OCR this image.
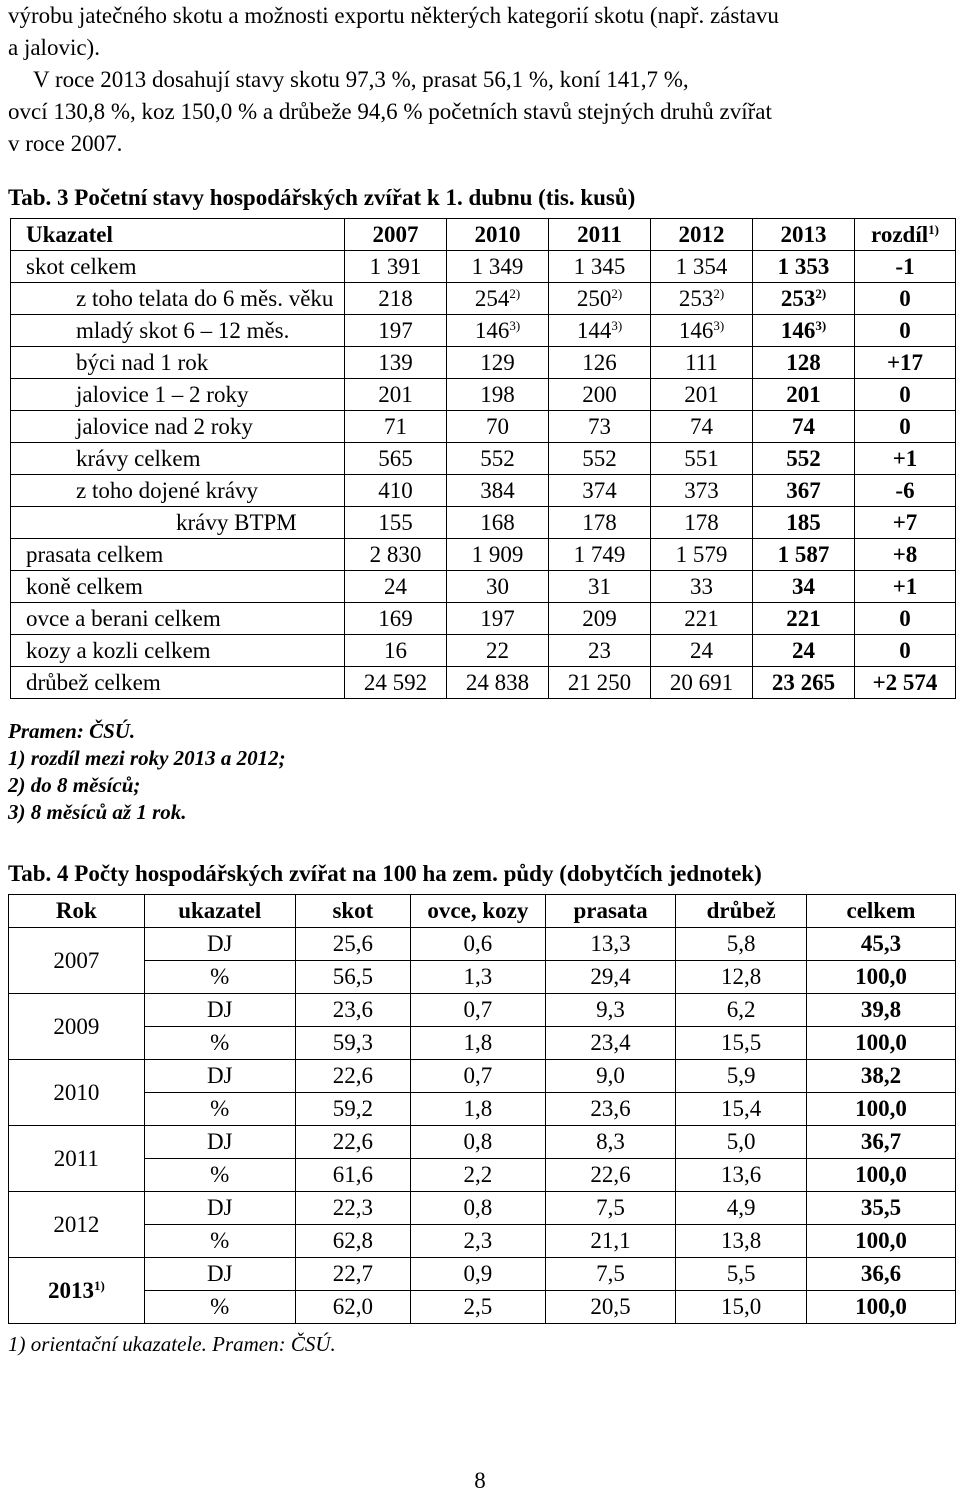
výrobu jatečného skotu a možnosti exportu některých kategorií skotu (např. zástavu
a jalovic).
V roce 2013 dosahují stavy skotu 97,3 %, prasat 56,1 %, koní 141,7 %,
ovcí 130,8 %, koz 150,0 % a drůbeže 94,6 % početních stavů stejných druhů zvířat
v roce 2007.
Tab. 3 Početní stavy hospodářských zvířat k 1. dubnu (tis. kusů)
Ukazatel	2007	2010	2011	2012	2013	rozdíl$^{1)}$
skot celkem	1 391	1 349	1 345	1 354	1 353	-1
z toho telata do 6 měs. věku	218	254$^{2)}$	250$^{2)}$	253$^{2)}$	253$^{2)}$	0
mladý skot 6 – 12 měs.	197	146$^{3)}$	144$^{3)}$	146$^{3)}$	146$^{3)}$	0
býci nad 1 rok	139	129	126	111	128	+17
jalovice 1 – 2 roky	201	198	200	201	201	0
jalovice nad 2 roky	71	70	73	74	74	0
krávy celkem	565	552	552	551	552	+1
z toho dojené krávy	410	384	374	373	367	-6
krávy BTPM	155	168	178	178	185	+7
prasata celkem	2 830	1 909	1 749	1 579	1 587	+8
koně celkem	24	30	31	33	34	+1
ovce a berani celkem	169	197	209	221	221	0
kozy a kozli celkem	16	22	23	24	24	0
drůbež celkem	24 592	24 838	21 250	20 691	23 265	+2 574
Pramen: ČSÚ.
1) rozdíl mezi roky 2013 a 2012;
2) do 8 měsíců;
3) 8 měsíců až 1 rok.
Tab. 4 Počty hospodářských zvířat na 100 ha zem. půdy (dobytčích jednotek)
Rok	ukazatel	skot	ovce, kozy	prasata	drůbež	celkem
2007	DJ	25,6	0,6	13,3	5,8	45,3
	%	56,5	1,3	29,4	12,8	100,0
2009	DJ	23,6	0,7	9,3	6,2	39,8
	%	59,3	1,8	23,4	15,5	100,0
2010	DJ	22,6	0,7	9,0	5,9	38,2
	%	59,2	1,8	23,6	15,4	100,0
2011	DJ	22,6	0,8	8,3	5,0	36,7
	%	61,6	2,2	22,6	13,6	100,0
2012	DJ	22,3	0,8	7,5	4,9	35,5
	%	62,8	2,3	21,1	13,8	100,0
2013$^{1)}$	DJ	22,7	0,9	7,5	5,5	36,6
	%	62,0	2,5	20,5	15,0	100,0
1) orientační ukazatele. Pramen: ČSÚ.
8
